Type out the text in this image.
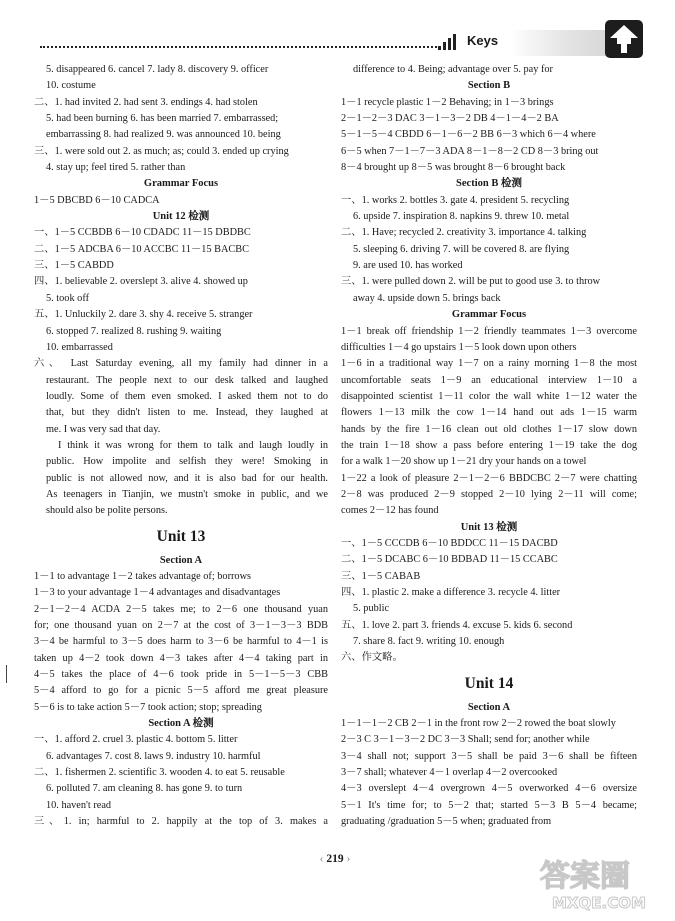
Keys
5. disappeared 6. cancel 7. lady 8. discovery 9. officer
10. costume
二、1. had invited 2. had sent 3. endings 4. had stolen
5. had been burning 6. has been married 7. embarrassed;
embarrassing 8. had realized 9. was announced 10. being
三、1. were sold out 2. as much; as; could 3. ended up crying
4. stay up; feel tired 5. rather than
Grammar Focus
1－5 DBCBD 6－10 CADCA
Unit 12 检测
一、1－5 CCBDB 6－10 CDADC 11－15 DBDBC
二、1－5 ADCBA 6－10 ACCBC 11－15 BACBC
三、1－5 CABDD
四、1. believable 2. overslept 3. alive 4. showed up
5. took off
五、1. Unluckily 2. dare 3. shy 4. receive 5. stranger
6. stopped 7. realized 8. rushing 9. waiting
10. embarrassed
六、 Last Saturday evening, all my family had dinner in a
restaurant. The people next to our desk talked and laughed
loudly. Some of them even smoked. I asked them not to do
that, but they didn't listen to me. Instead, they laughed at
me. I was very sad that day.
I think it was wrong for them to talk and laugh loudly in
public. How impolite and selfish they were! Smoking in
public is not allowed now, and it is also bad for our health.
As teenagers in Tianjin, we mustn't smoke in public, and we
should also be polite persons.
Unit 13
Section A
1－1 to advantage 1－2 takes advantage of; borrows
1－3 to your advantage 1－4 advantages and disadvantages
2－1－2－4 ACDA 2－5 takes me; to 2－6 one thousand yuan
for; one thousand yuan on 2－7 at the cost of 3－1－3－3 BDB
3－4 be harmful to 3－5 does harm to 3－6 be harmful to 4－1 is
taken up 4－2 took down 4－3 takes after 4－4 taking part in
4－5 takes the place of 4－6 took pride in 5－1－5－3 CBB
5－4 afford to go for a picnic 5－5 afford me great pleasure
5－6 is to take action 5－7 took action; stop; spreading
Section A 检测
一、1. afford 2. cruel 3. plastic 4. bottom 5. litter
6. advantages 7. cost 8. laws 9. industry 10. harmful
二、1. fishermen 2. scientific 3. wooden 4. to eat 5. reusable
6. polluted 7. am cleaning 8. has gone 9. to turn
10. haven't read
三、1. in; harmful to 2. happily at the top of 3. makes a
difference to 4. Being; advantage over 5. pay for
Section B
1－1 recycle plastic 1－2 Behaving; in 1－3 brings
2－1－2－3 DAC 3－1－3－2 DB 4－1－4－2 BA
5－1－5－4 CBDD 6－1－6－2 BB 6－3 which 6－4 where
6－5 when 7－1－7－3 ADA 8－1－8－2 CD 8－3 bring out
8－4 brought up 8－5 was brought 8－6 brought back
Section B 检测
一、1. works 2. bottles 3. gate 4. president 5. recycling
6. upside 7. inspiration 8. napkins 9. threw 10. metal
二、1. Have; recycled 2. creativity 3. importance 4. talking
5. sleeping 6. driving 7. will be covered 8. are flying
9. are used 10. has worked
三、1. were pulled down 2. will be put to good use 3. to throw
away 4. upside down 5. brings back
Grammar Focus
1－1 break off friendship 1－2 friendly teammates 1－3 overcome
difficulties 1－4 go upstairs 1－5 look down upon others
1－6 in a traditional way 1－7 on a rainy morning 1－8 the most
uncomfortable seats 1－9 an educational interview 1－10 a
disappointed scientist 1－11 color the wall white 1－12 water the
flowers 1－13 milk the cow 1－14 hand out ads 1－15 warm
hands by the fire 1－16 clean out old clothes 1－17 slow down
the train 1－18 show a pass before entering 1－19 take the dog
for a walk 1－20 show up 1－21 dry your hands on a towel
1－22 a look of pleasure 2－1－2－6 BBDCBC 2－7 were chatting
2－8 was produced 2－9 stopped 2－10 lying 2－11 will come;
comes 2－12 has found
Unit 13 检测
一、1－5 CCCDB 6－10 BDDCC 11－15 DACBD
二、1－5 DCABC 6－10 BDBAD 11－15 CCABC
三、1－5 CABAB
四、1. plastic 2. make a difference 3. recycle 4. litter
5. public
五、1. love 2. part 3. friends 4. excuse 5. kids 6. second
7. share 8. fact 9. writing 10. enough
六、作文略。
Unit 14
Section A
1－1－1－2 CB 2－1 in the front row 2－2 rowed the boat slowly
2－3 C 3－1－3－2 DC 3－3 Shall; send for; another while
3－4 shall not; support 3－5 shall be paid 3－6 shall be fifteen
3－7 shall; whatever 4－1 overlap 4－2 overcooked
4－3 overslept 4－4 overgrown 4－5 overworked 4－6 oversize
5－1 It's time for; to 5－2 that; started 5－3 B 5－4 became;
graduating /graduation 5－5 when; graduated from
‹ 219 ›	答案圈
MXQE.COM
